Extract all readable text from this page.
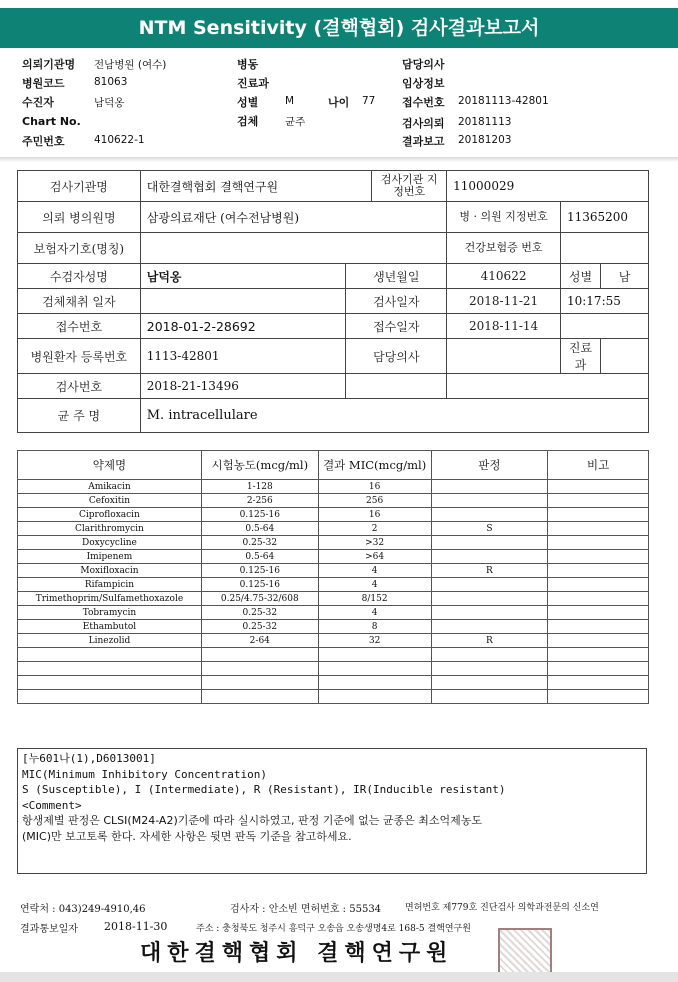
NTM Sensitivity (결핵협회) 검사결과보고서
의뢰기관명 전남병원 (여수)
병원코드	81063
수진자	남덕옹
Chart No.
주민번호	410622-1
병동
진료과
성별	M	나이 77
검체	균주
담당의사
임상정보
접수번호 20181113-42801
검사의뢰 20181113
결과보고 20181203
검사기관명	대한결핵협회 결핵연구원		검사기관 지정번호	11000029		
의뢰 병의원명	삼광의료재단 (여수전남병원)			병 · 의원 지정번호	11365200	
보험자기호(명칭)				건강보험증 번호		
수검자성명	남덕옹	생년월일		410622	성별	남
검체채취 일자		검사일자		2018-11-21	10:17:55	
접수번호	2018-01-2-28692	접수일자		2018-11-14		
병원환자 등록번호	1113-42801	담당의사			진료과	
검사번호	2018-21-13496					
균 주 명	M. intracellulare					
약제명	시험농도(mcg/ml)	결과 MIC(mcg/ml)	판정	비고
Amikacin	1-128	16		
Cefoxitin	2-256	256		
Ciprofloxacin	0.125-16	16		
Clarithromycin	0.5-64	2	S	
Doxycycline	0.25-32	>32		
Imipenem	0.5-64	>64		
Moxifloxacin	0.125-16	4	R	
Rifampicin	0.125-16	4		
Trimethoprim/Sulfamethoxazole	0.25/4.75-32/608	8/152		
Tobramycin	0.25-32	4		
Ethambutol	0.25-32	8		
Linezolid	2-64	32	R	

[누601나(1),D6013001]
MIC(Minimum Inhibitory Concentration)
S (Susceptible), I (Intermediate), R (Resistant), IR(Inducible resistant)
<Comment>
항생제별 판정은 CLSI(M24-A2)기준에 따라 실시하였고, 판정 기준에 없는 균종은 최소억제농도
(MIC)만 보고토록 한다. 자세한 사항은 뒷면 판독 기준을 참고하세요.
연락처 : 043)249-4910,46	검사자 : 안소빈 면허번호 : 55534	면허번호 제779호 진단검사 의학과전문의 신소연
결과통보일자 2018-11-30	주소 : 충청북도 청주시 흥덕구 오송읍 오송생명4로 168-5 결핵연구원
대한결핵협회 결핵연구원
